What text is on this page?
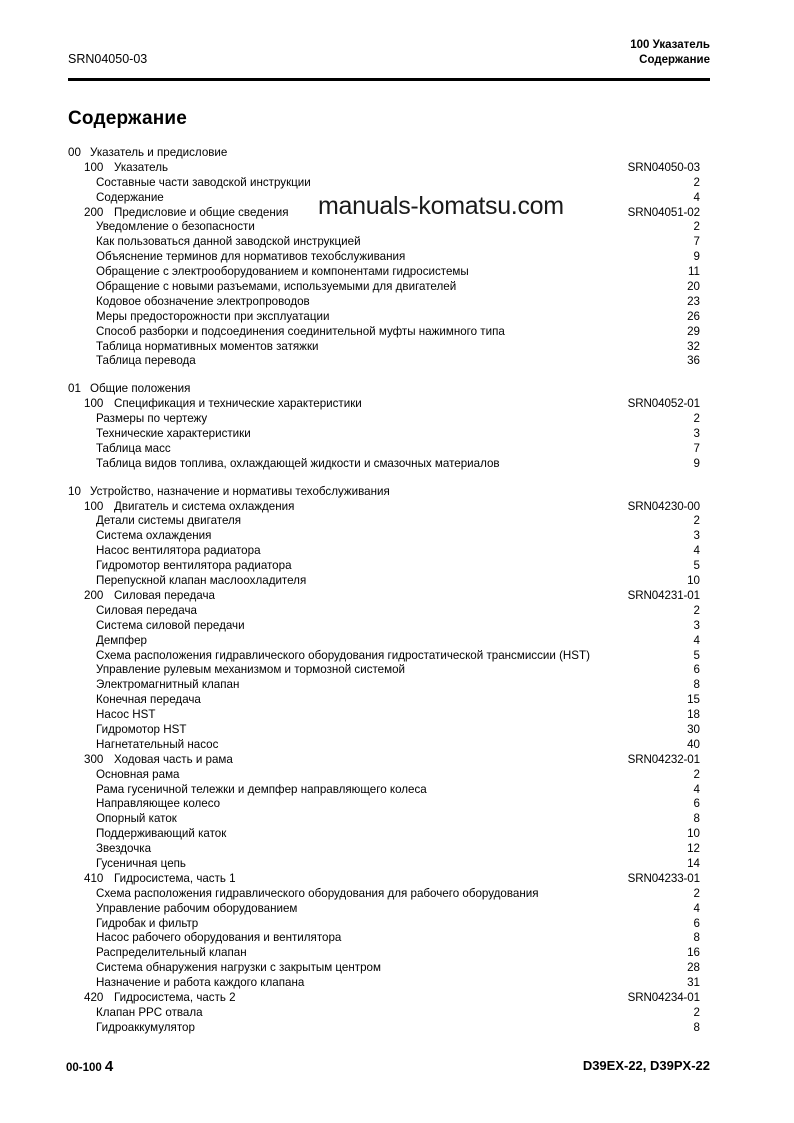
SRN04050-03
100 Указатель
Содержание
Содержание
00 Указатель и предисловие
100 Указатель .....	SRN04050-03
Составные части заводской инструкции .....	2
Содержание .....	4
200 Предисловие и общие сведения .....	SRN04051-02
Уведомление о безопасности .....	2
Как пользоваться данной заводской инструкцией .....	7
Объяснение терминов для нормативов техобслуживания .....	9
Обращение с электрооборудованием и компонентами гидросистемы .....	11
Обращение с новыми разъемами, используемыми для двигателей .....	20
Кодовое обозначение электропроводов .....	23
Меры предосторожности при эксплуатации .....	26
Способ разборки и подсоединения соединительной муфты нажимного типа .....	29
Таблица нормативных моментов затяжки .....	32
Таблица перевода .....	36
01 Общие положения
100 Спецификация и технические характеристики .....	SRN04052-01
Размеры по чертежу .....	2
Технические характеристики .....	3
Таблица масс .....	7
Таблица видов топлива, охлаждающей жидкости и смазочных материалов .....	9
10 Устройство, назначение и нормативы техобслуживания
100 Двигатель и система охлаждения .....	SRN04230-00
Детали системы двигателя .....	2
Система охлаждения .....	3
Насос вентилятора радиатора .....	4
Гидромотор вентилятора радиатора .....	5
Перепускной клапан маслоохладителя .....	10
200 Силовая передача .....	SRN04231-01
Силовая передача .....	2
Система силовой передачи .....	3
Демпфер .....	4
Схема расположения гидравлического оборудования гидростатической трансмиссии (HST) .....	5
Управление рулевым механизмом и тормозной системой .....	6
Электромагнитный клапан .....	8
Конечная передача .....	15
Насос HST .....	18
Гидромотор HST .....	30
Нагнетательный насос .....	40
300 Ходовая часть и рама .....	SRN04232-01
Основная рама .....	2
Рама гусеничной тележки и демпфер направляющего колеса .....	4
Направляющее колесо .....	6
Опорный каток .....	8
Поддерживающий каток .....	10
Звездочка .....	12
Гусеничная цепь .....	14
410 Гидросистема, часть 1 .....	SRN04233-01
Схема расположения гидравлического оборудования для рабочего оборудования .....	2
Управление рабочим оборудованием .....	4
Гидробак и фильтр .....	6
Насос рабочего оборудования и вентилятора .....	8
Распределительный клапан .....	16
Система обнаружения нагрузки с закрытым центром .....	28
Назначение и работа каждого клапана .....	31
420 Гидросистема, часть 2 .....	SRN04234-01
Клапан PPC отвала .....	2
Гидроаккумулятор .....	8
manuals-komatsu.com
00-100 4	D39EX-22, D39PX-22
